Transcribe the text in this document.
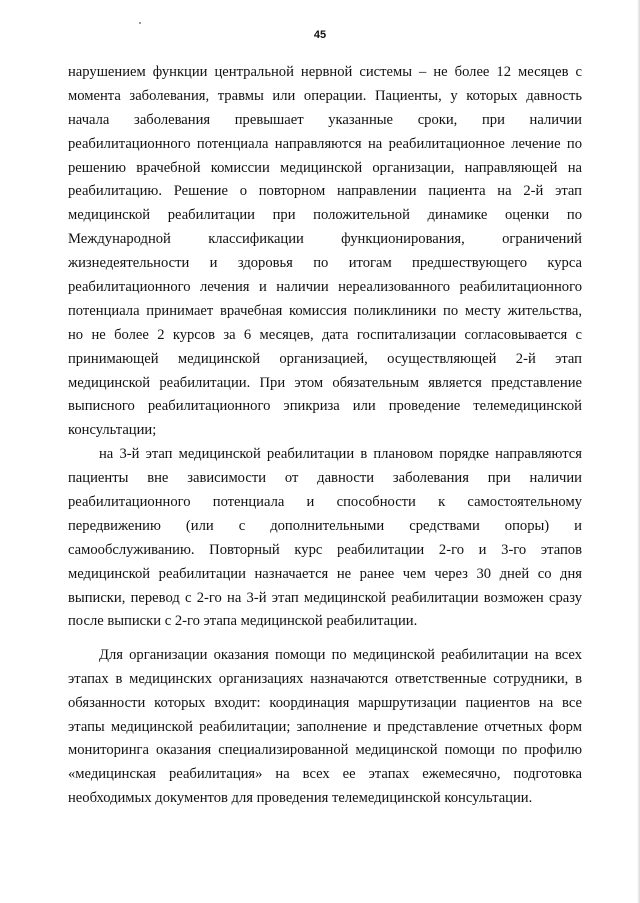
45
нарушением функции центральной нервной системы – не более 12 месяцев с
момента заболевания, травмы или операции. Пациенты, у которых давность
начала заболевания превышает указанные сроки, при наличии
реабилитационного потенциала направляются на реабилитационное лечение по
решению врачебной комиссии медицинской организации, направляющей на
реабилитацию. Решение о повторном направлении пациента на 2-й этап
медицинской реабилитации при положительной динамике оценки по
Международной классификации функционирования, ограничений
жизнедеятельности и здоровья по итогам предшествующего курса
реабилитационного лечения и наличии нереализованного реабилитационного
потенциала принимает врачебная комиссия поликлиники по месту жительства,
но не более 2 курсов за 6 месяцев, дата госпитализации согласовывается с
принимающей медицинской организацией, осуществляющей 2-й этап
медицинской реабилитации. При этом обязательным является представление
выписного реабилитационного эпикриза или проведение телемедицинской
консультации;
на 3-й этап медицинской реабилитации в плановом порядке направляются
пациенты вне зависимости от давности заболевания при наличии
реабилитационного потенциала и способности к самостоятельному
передвижению (или с дополнительными средствами опоры) и
самообслуживанию. Повторный курс реабилитации 2-го и 3-го этапов
медицинской реабилитации назначается не ранее чем через 30 дней со дня
выписки, перевод с 2-го на 3-й этап медицинской реабилитации возможен сразу
после выписки с 2-го этапа медицинской реабилитации.
Для организации оказания помощи по медицинской реабилитации на всех
этапах в медицинских организациях назначаются ответственные сотрудники, в
обязанности которых входит: координация маршрутизации пациентов на все
этапы медицинской реабилитации; заполнение и представление отчетных форм
мониторинга оказания специализированной медицинской помощи по профилю
«медицинская реабилитация» на всех ее этапах ежемесячно, подготовка
необходимых документов для проведения телемедицинской консультации.
